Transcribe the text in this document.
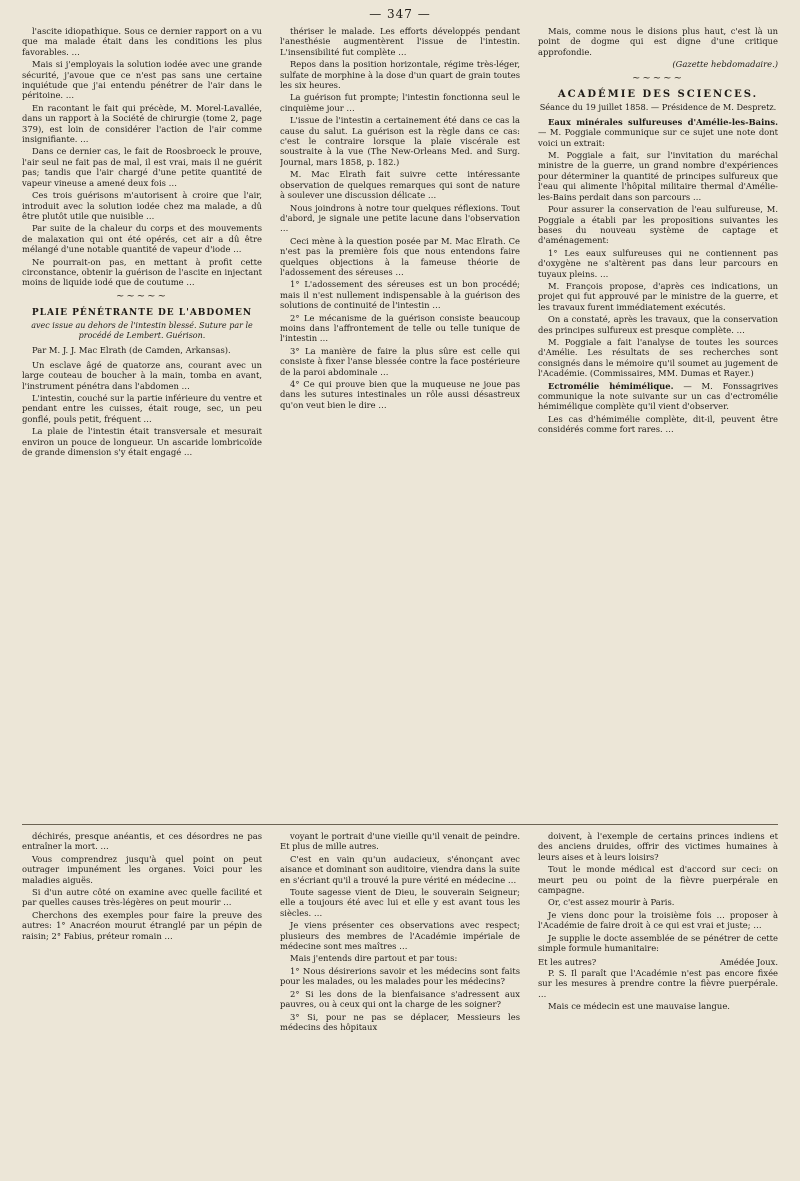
— 347 —

l'ascite idiopathique. Sous ce dernier rapport on a vu que ma malade était dans les conditions les plus favorables. …

Mais si j'employais la solution iodée avec une grande sécurité, j'avoue que ce n'est pas sans une certaine inquiétude que j'ai entendu pénétrer de l'air dans le péritoine. …

En racontant le fait qui précède, M. Morel-Lavallée, dans un rapport à la Société de chirurgie (tome 2, page 379), est loin de considérer l'action de l'air comme insignifiante. …

Dans ce dernier cas, le fait de Roosbroeck le prouve, l'air seul ne fait pas de mal, il est vrai, mais il ne guérit pas; tandis que l'air chargé d'une petite quantité de vapeur vineuse a amené deux fois …

Ces trois guérisons m'autorisent à croire que l'air, introduit avec la solution iodée chez ma malade, a dû être plutôt utile que nuisible …

Par suite de la chaleur du corps et des mouvements de malaxation qui ont été opérés, cet air a dû être mélangé d'une notable quantité de vapeur d'iode …

Ne pourrait-on pas, en mettant à profit cette circonstance, obtenir la guérison de l'ascite en injectant moins de liquide iodé que de coutume …

~~~~~
PLAIE PÉNÉTRANTE DE L'ABDOMEN
avec issue au dehors de l'intestin blessé. Suture par le procédé de Lembert. Guérison.
Par M. J. J. Mac Elrath (de Camden, Arkansas).

Un esclave âgé de quatorze ans, courant avec un large couteau de boucher à la main, tomba en avant, l'instrument pénétra dans l'abdomen …

L'intestin, couché sur la partie inférieure du ventre et pendant entre les cuisses, était rouge, sec, un peu gonflé, pouls petit, fréquent …

La plaie de l'intestin était transversale et mesurait environ un pouce de longueur. Un ascaride lombricoïde de grande dimension s'y était engagé …

thériser le malade. Les efforts développés pendant l'anesthésie augmentèrent l'issue de l'intestin. L'insensibilité fut complète …

Repos dans la position horizontale, régime très-léger, sulfate de morphine à la dose d'un quart de grain toutes les six heures.

La guérison fut prompte; l'intestin fonctionna seul le cinquième jour …

L'issue de l'intestin a certainement été dans ce cas la cause du salut. La guérison est la règle dans ce cas: c'est le contraire lorsque la plaie viscérale est soustraite à la vue (The New-Orleans Med. and Surg. Journal, mars 1858, p. 182.)

M. Mac Elrath fait suivre cette intéressante observation de quelques remarques qui sont de nature à soulever une discussion délicate …

Nous joindrons à notre tour quelques réflexions. Tout d'abord, je signale une petite lacune dans l'observation …

Ceci mène à la question posée par M. Mac Elrath. Ce n'est pas la première fois que nous entendons faire quelques objections à la fameuse théorie de l'adossement des séreuses …

1° L'adossement des séreuses est un bon procédé; mais il n'est nullement indispensable à la guérison des solutions de continuité de l'intestin …

2° Le mécanisme de la guérison consiste beaucoup moins dans l'affrontement de telle ou telle tunique de l'intestin …

3° La manière de faire la plus sûre est celle qui consiste à fixer l'anse blessée contre la face postérieure de la paroi abdominale …

4° Ce qui prouve bien que la muqueuse ne joue pas dans les sutures intestinales un rôle aussi désastreux qu'on veut bien le dire …

Mais, comme nous le disions plus haut, c'est là un point de dogme qui est digne d'une critique approfondie.

(Gazette hebdomadaire.)
~~~~~
ACADÉMIE DES SCIENCES.
Séance du 19 juillet 1858. — Présidence de M. Despretz.

Eaux minérales sulfureuses d'Amélie-les-Bains. — M. Poggiale communique sur ce sujet une note dont voici un extrait:

M. Poggiale a fait, sur l'invitation du maréchal ministre de la guerre, un grand nombre d'expériences pour déterminer la quantité de principes sulfureux que l'eau qui alimente l'hôpital militaire thermal d'Amélie-les-Bains perdait dans son parcours …

Pour assurer la conservation de l'eau sulfureuse, M. Poggiale a établi par les propositions suivantes les bases du nouveau système de captage et d'aménagement:

1° Les eaux sulfureuses qui ne contiennent pas d'oxygène ne s'altèrent pas dans leur parcours en tuyaux pleins. …

M. François propose, d'après ces indications, un projet qui fut approuvé par le ministre de la guerre, et les travaux furent immédiatement exécutés.

On a constaté, après les travaux, que la conservation des principes sulfureux est presque complète. …

M. Poggiale a fait l'analyse de toutes les sources d'Amélie. Les résultats de ses recherches sont consignés dans le mémoire qu'il soumet au jugement de l'Académie. (Commissaires, MM. Dumas et Rayer.)

Ectromélie hémimélique. — M. Fonssagrives communique la note suivante sur un cas d'ectromélie hémimélique complète qu'il vient d'observer.

Les cas d'hémimélie complète, dit-il, peuvent être considérés comme fort rares. …

déchirés, presque anéantis, et ces désordres ne pas entraîner la mort. …

Vous comprendrez jusqu'à quel point on peut outrager impunément les organes. Voici pour les maladies aiguës.

Si d'un autre côté on examine avec quelle facilité et par quelles causes très-légères on peut mourir …

Cherchons des exemples pour faire la preuve des autres: 1° Anacréon mourut étranglé par un pépin de raisin; 2° Fabius, préteur romain …

voyant le portrait d'une vieille qu'il venait de peindre. Et plus de mille autres.

C'est en vain qu'un audacieux, s'énonçant avec aisance et dominant son auditoire, viendra dans la suite en s'écriant qu'il a trouvé la pure vérité en médecine …

Toute sagesse vient de Dieu, le souverain Seigneur; elle a toujours été avec lui et elle y est avant tous les siècles. …

Je viens présenter ces observations avec respect; plusieurs des membres de l'Académie impériale de médecine sont mes maîtres …

Mais j'entends dire partout et par tous:

1° Nous désirerions savoir et les médecins sont faits pour les malades, ou les malades pour les médecins?

2° Si les dons de la bienfaisance s'adressent aux pauvres, ou à ceux qui ont la charge de les soigner?

3° Si, pour ne pas se déplacer, Messieurs les médecins des hôpitaux

doivent, à l'exemple de certains princes indiens et des anciens druides, offrir des victimes humaines à leurs aises et à leurs loisirs?

Tout le monde médical est d'accord sur ceci: on meurt peu ou point de la fièvre puerpérale en campagne.

Or, c'est assez mourir à Paris.

Je viens donc pour la troisième fois … proposer à l'Académie de faire droit à ce qui est vrai et juste; …

Je supplie le docte assemblée de se pénétrer de cette simple formule humanitaire:

Et les autres?	Amédée Joux.

P. S. Il paraît que l'Académie n'est pas encore fixée sur les mesures à prendre contre la fièvre puerpérale. …

Mais ce médecin est une mauvaise langue.
